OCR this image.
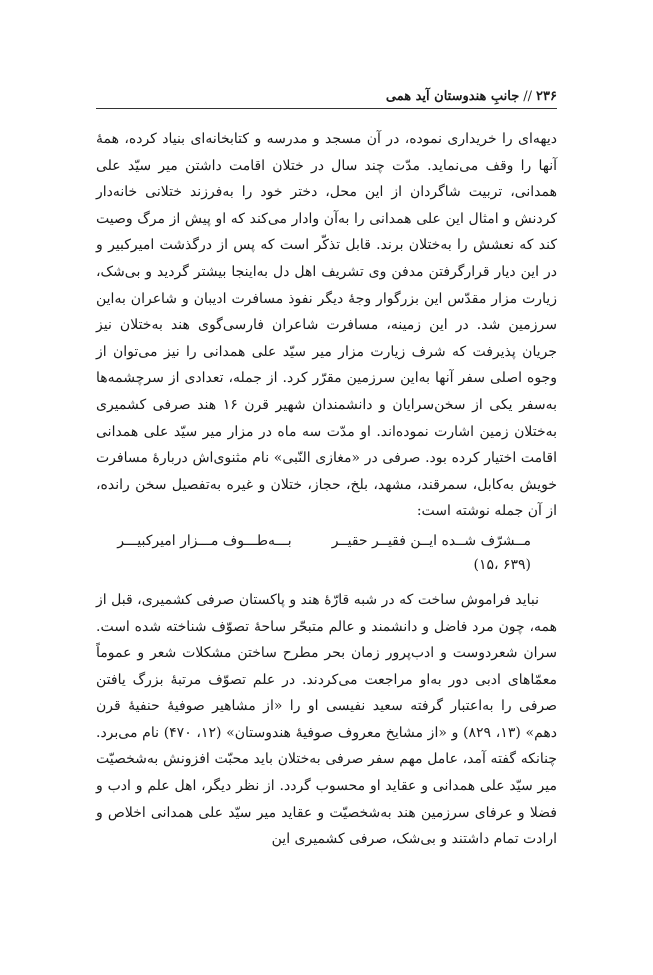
۲۳۶
//
جانبِ هندوستان آید همی

دیهه‌ای را خریداری نموده، در آن مسجد و مدرسه و کتابخانه‌ای بنیاد کرده، همهٔ آنها را وقف می‌نماید. مدّت چند سال در ختلان اقامت داشتن میر سیّد علی همدانی، تربیت شاگردان از این محل، دختر خود را به‌فرزند ختلانی خانه‌دار کردنش و امثال این علی همدانی را به‌آن وادار می‌کند که او پیش از مرگ وصیت کند که نعشش را به‌ختلان برند. قابل تذکّر است که پس از درگذشت امیرکبیر و در این دیار قرارگرفتن مدفن وی تشریف اهل دل به‌اینجا بیشتر گردید و بی‌شک، زیارت مزار مقدّس این بزرگوار وجهٔ دیگر نفوذ مسافرت ادیبان و شاعران به‌این سرزمین شد. در این زمینه، مسافرت شاعران فارسی‌گوی هند به‌ختلان نیز جریان پذیرفت که شرف زیارت مزار میر سیّد علی همدانی را نیز می‌توان از وجوه اصلی سفر آنها به‌این سرزمین مقرّر کرد. از جمله، تعدادی از سرچشمه‌ها به‌سفر یکی از سخن‌سرایان و دانشمندان شهیر قرن ۱۶ هند صرفی کشمیری به‌ختلان زمین اشارت نموده‌اند. او مدّت سه ماه در مزار میر سیّد علی همدانی اقامت اختیار کرده بود. صرفی در «مغازی النّبی» نام مثنوی‌اش دربارهٔ مسافرت خویش به‌کابل، سمرقند، مشهد، بلخ، حجاز، ختلان و غیره به‌تفصیل سخن رانده، از آن جمله نوشته است:

مــشرّف شــده ایــن فقیــر حقیــر
بـــه‌طـــوف مـــزار امیرکبیـــر
(۶۳۹ ،۱۵)

نباید فراموش ساخت که در شبه قارّهٔ هند و پاکستان صرفی کشمیری، قبل از همه، چون مرد فاضل و دانشمند و عالم متبحّر ساحهٔ تصوّف شناخته شده است. سران شعردوست و ادب‌پرور زمان بحر مطرح ساختن مشکلات شعر و عموماً معمّاهای ادبی دور به‌او مراجعت می‌کردند. در علم تصوّف مرتبهٔ بزرگ یافتن صرفی را به‌اعتبار گرفته سعید نفیسی او را «از مشاهیر صوفیهٔ حنفیهٔ قرن دهم» (۱۳، ۸۲۹) و «از مشایخ معروف صوفیهٔ هندوستان» (۱۲، ۴۷۰) نام می‌برد. چنانکه گفته آمد، عامل مهم سفر صرفی به‌ختلان باید محبّت افزونش به‌شخصیّت میر سیّد علی همدانی و عقاید او محسوب گردد. از نظر دیگر، اهل علم و ادب و فضلا و عرفای سرزمین هند به‌شخصیّت و عقاید میر سیّد علی همدانی اخلاص و ارادت تمام داشتند و بی‌شک، صرفی کشمیری این
